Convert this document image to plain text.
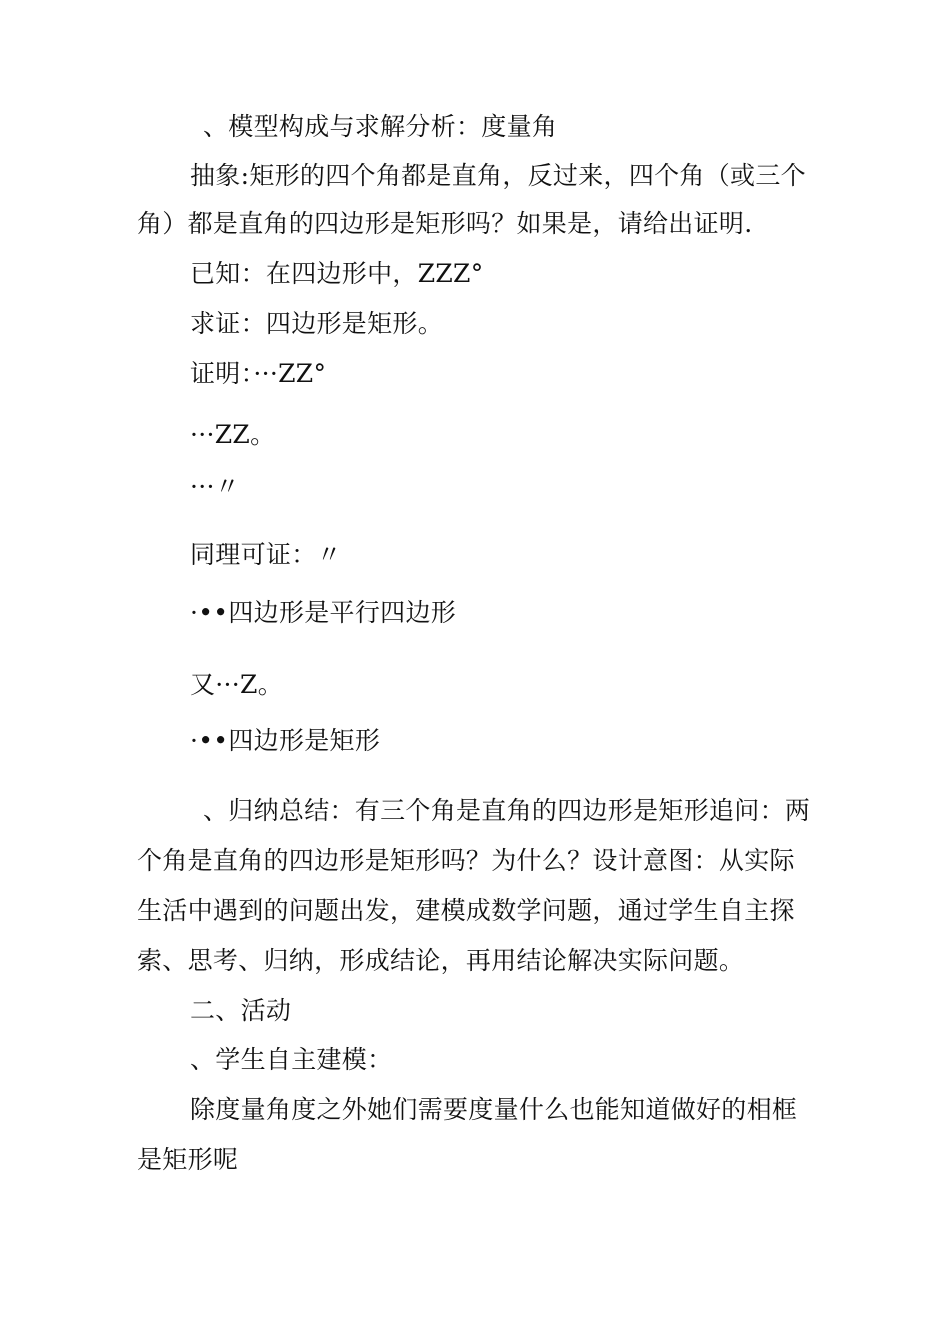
、模型构成与求解分析：度量角
抽象:矩形的四个角都是直角，反过来，四个角（或三个
角）都是直角的四边形是矩形吗？如果是，请给出证明.
已知：在四边形中，ZZZ°
求证：四边形是矩形。
证明：···ZZ°
···ZZ。
···〃
同理可证：〃
·••四边形是平行四边形
又···Z。
·••四边形是矩形
、归纳总结：有三个角是直角的四边形是矩形追问：两
个角是直角的四边形是矩形吗？为什么？设计意图：从实际
生活中遇到的问题出发，建模成数学问题，通过学生自主探
索、思考、归纳，形成结论，再用结论解决实际问题。
二、活动
、学生自主建模：
除度量角度之外她们需要度量什么也能知道做好的相框
是矩形呢
